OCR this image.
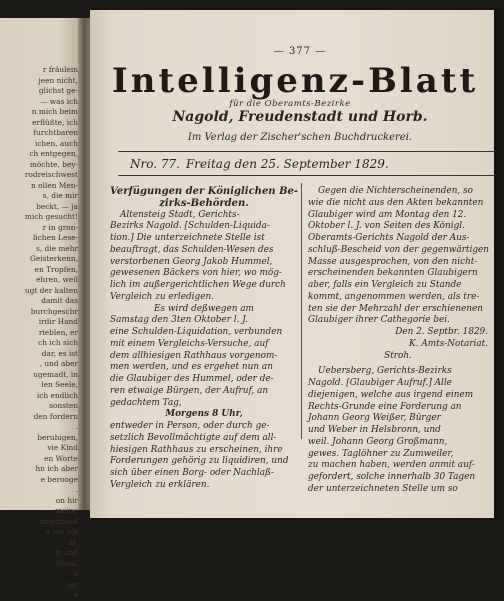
r fräulein
jeen nicht,
glichst ge-
— was ich
n mich beim
erflüßte, ich
furchtbaren
ichen, auch
ch entgegen,
möchte, bey-
rodreischwest
n ollen Men-
s, die mir
beckt, — ja
mich gesucht!
r in gron-
lichen Lese-
s, die mehr
Geisterkenn,
en Tropfen,
ehren, weil
ugt der kalten
damit das
burchgeschr
irdir Hand
rieblen, er
ch ich sich
dar, es ist
, und aber
ugemadt, in
len Seele,
ich endlich
sonsten
den fordern
.
beruhigen,
vie Kind
en Worte
hn ich aber
e berooge
.
on hir
meine
ungstrand
s um ich
kl,
ir und
Stohl,
s
ier
e
— 377 —
Intelligenz-Blatt
für die Oberamts-Bezirke
Nagold, Freudenstadt und Horb.
Im Verlag der Zischer'schen Buchdruckerei.
Nro. 77. Freitag den 25. September 1829.
Verfügungen der Königlichen Be-
zirks-Behörden.
Altensteig Stadt, Gerichts-
Bezirks Nagold. [Schulden-Liquida-
tion.] Die unterzeichnete Stelle ist
beauftragt, das Schulden-Wesen des
verstorbenen Georg Jakob Hummel,
gewesenen Bäckers von hier, wo mög-
lich im außergerichtlichen Wege durch
Vergleich zu erledigen.
Es wird deßwegen am
Samstag den 3ten Oktober l. J.
eine Schulden-Liquidation, verbunden
mit einem Vergleichs-Versuche, auf
dem allhiesigen Rathhaus vorgenom-
men werden, und es ergehet nun an
die Glaubiger des Hummel, oder de-
ren etwaige Bürgen, der Aufruf, an
gedachtem Tag,
Morgens 8 Uhr,
entweder in Person, oder durch ge-
setzlich Bevollmächtigte auf dem all-
hiesigen Rathhaus zu erscheinen, ihre
Forderungen gehörig zu liquidiren, und
sich über einen Borg- oder Nachlaß-
Vergleich zu erklären.
Gegen die Nichterscheinenden, so
wie die nicht aus den Akten bekannten
Glaubiger wird am Montag den 12.
Oktober l. J. von Seiten des Königl.
Oberamts-Gerichts Nagold der Aus-
schluß-Bescheid von der gegenwärtigen
Masse ausgesprochen, von den nicht-
erscheinenden bekannten Glaubigern
aber, falls ein Vergleich zu Stande
kommt, angenommen werden, als tre-
ten sie der Mehrzahl der erschienenen
Glaubiger ihrer Cathegorie bei.
Den 2. Septbr. 1829.
K. Amts-Notariat.
Stroh.
Uebersberg, Gerichts-Bezirks
Nagold. [Glaubiger Aufruf.] Alle
diejenigen, welche aus irgend einem
Rechts-Grunde eine Forderung an
Johann Georg Weißer, Bürger
und Weber in Helsbronn, und
weil. Johann Georg Großmann,
gewes. Taglöhner zu Zumweiler,
zu machen haben, werden anmit auf-
gefordert, solche innerhalb 30 Tagen
der unterzeichneten Stelle um so
